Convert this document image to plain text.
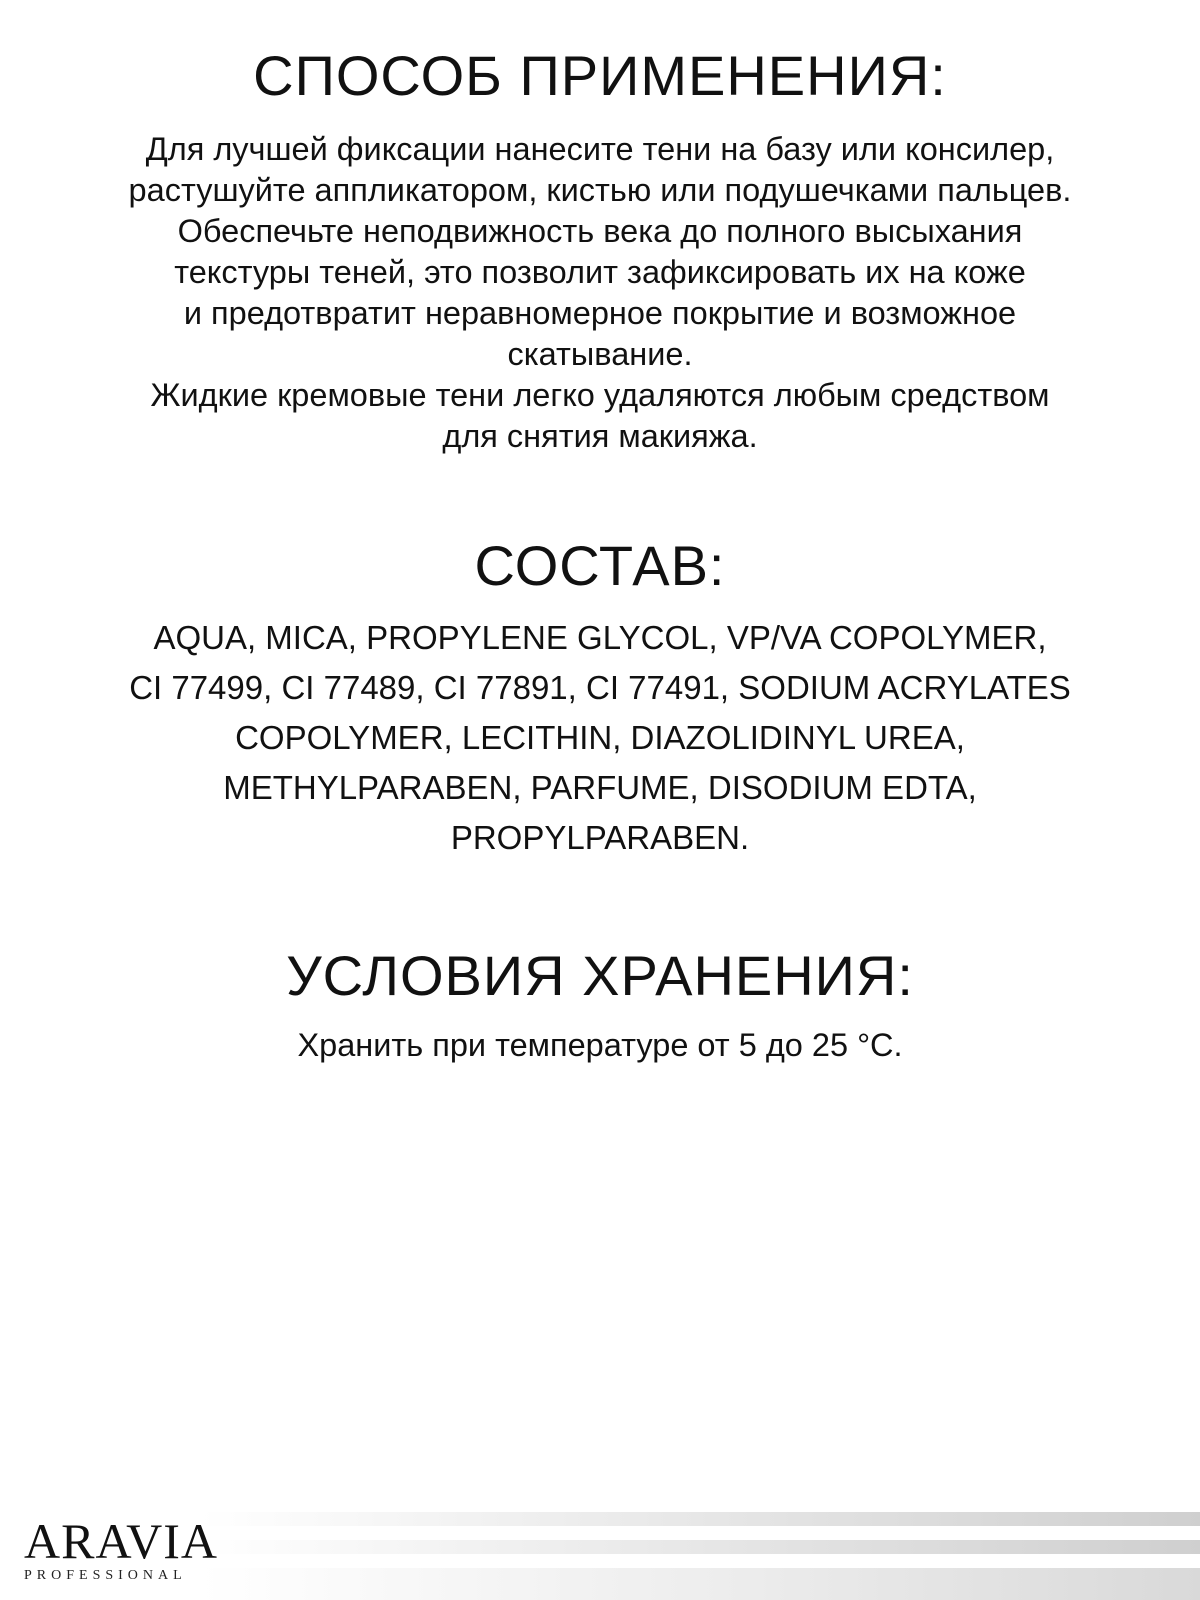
СПОСОБ ПРИМЕНЕНИЯ:

Для лучшей фиксации нанесите тени на базу или консилер,
растушуйте аппликатором, кистью или подушечками пальцев.
Обеспечьте неподвижность века до полного высыхания
текстуры теней, это позволит зафиксировать их на коже
и предотвратит неравномерное покрытие и возможное
скатывание.
Жидкие кремовые тени легко удаляются любым средством
для снятия макияжа.

СОСТАВ:

AQUA, MICA, PROPYLENE GLYCOL, VP/VA COPOLYMER,
CI 77499, CI 77489, CI 77891, CI 77491, SODIUM ACRYLATES
COPOLYMER, LECITHIN, DIAZOLIDINYL UREA,
METHYLPARABEN, PARFUME, DISODIUM EDTA,
PROPYLPARABEN.

УСЛОВИЯ ХРАНЕНИЯ:

Хранить при температуре от 5 до 25 °С.

ARAVIA
PROFESSIONAL
